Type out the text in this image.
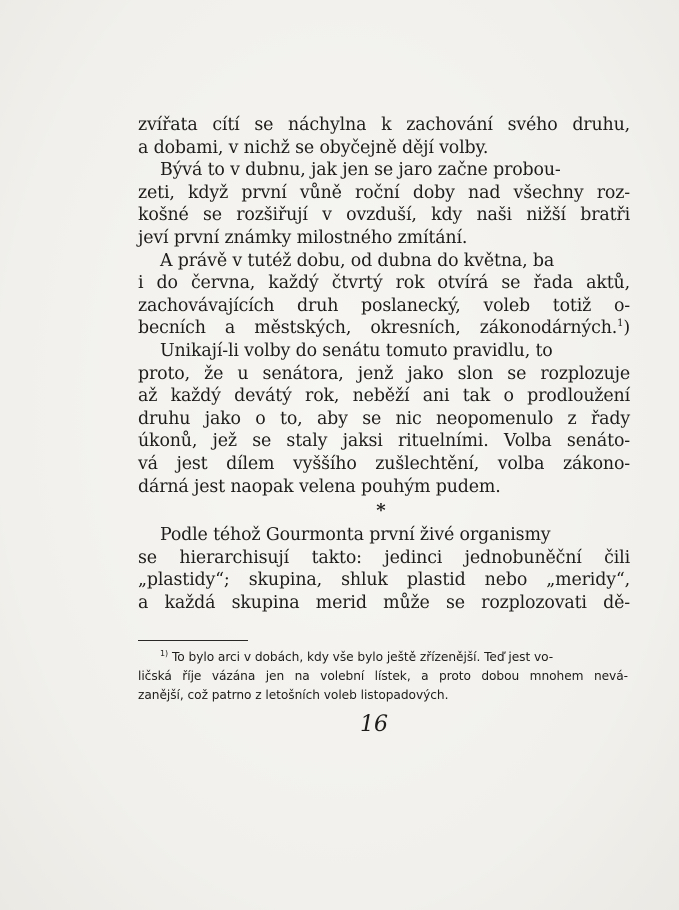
zvířata cítí se náchylna k zachování svého druhu,
a dobami, v nichž se obyčejně dějí volby.
Bývá to v dubnu, jak jen se jaro začne probou-
zeti, když první vůně roční doby nad všechny roz-
košné se rozšiřují v ovzduší, kdy naši nižší bratři
jeví první známky milostného zmítání.
A právě v tutéž dobu, od dubna do května, ba
i do června, každý čtvrtý rok otvírá se řada aktů,
zachovávajících druh poslanecký, voleb totiž o-
becních a městských, okresních, zákonodárných.$^1$)
Unikají-li volby do senátu tomuto pravidlu, to
proto, že u senátora, jenž jako slon se rozplozuje
až každý devátý rok, neběží ani tak o prodloužení
druhu jako o to, aby se nic neopomenulo z řady
úkonů, jež se staly jaksi rituelními. Volba senáto-
vá jest dílem vyššího zušlechtění, volba zákono-
dárná jest naopak velena pouhým pudem.
*
Podle téhož Gourmonta první živé organismy
se hierarchisují takto: jedinci jednobuněční čili
„plastidy“; skupina, shluk plastid nebo „meridy“,
a každá skupina merid může se rozplozovati dě-
$^{1)}$ To bylo arci v dobách, kdy vše bylo ještě zřízenější. Teď jest vo-
ličská říje vázána jen na volební lístek, a proto dobou mnohem nevá-
zanější, což patrno z letošních voleb listopadových.
16
